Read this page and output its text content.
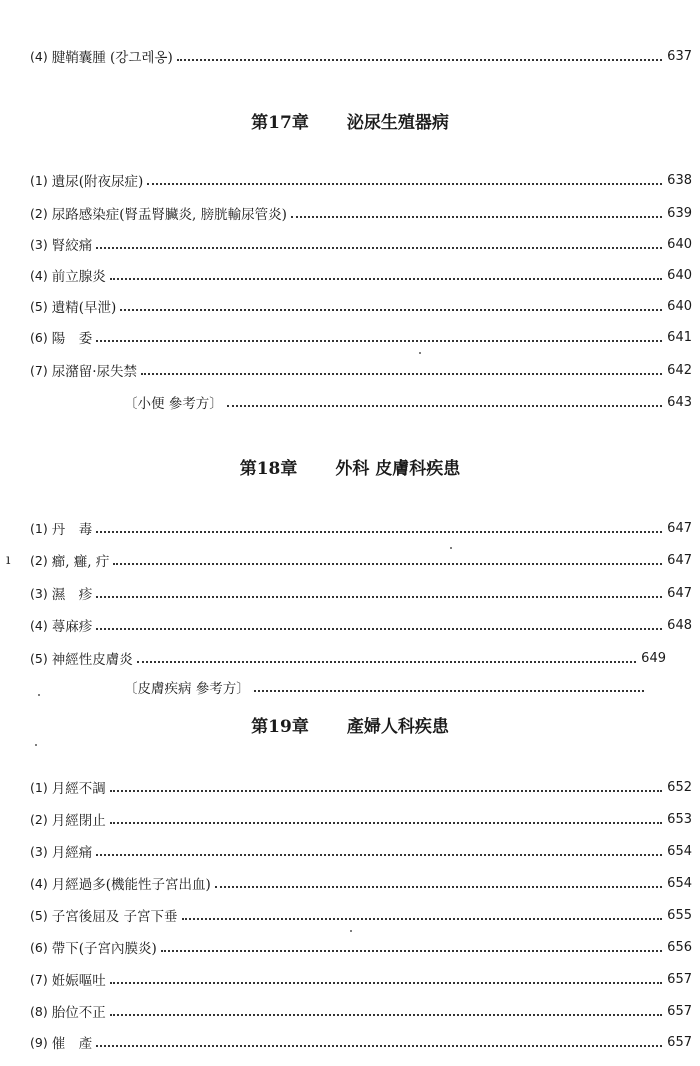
(4) 腱鞘囊腫 (강그레옹)	637
第17章 泌尿生殖器病
(1) 遺尿(附夜尿症)	638
(2) 尿路感染症(腎盂腎臟炎, 膀胱輸尿管炎)	639
(3) 腎絞痛	640
(4) 前立腺炎	640
(5) 遺精(早泄)	640
(6) 陽　委	641
(7) 尿潴留·尿失禁	642
〔小便 參考方〕	643
第18章 外科 皮膚科疾患
(1) 丹　毒	647
(2) 癤, 癰, 疔	647
(3) 濕　疹	647
(4) 蕁麻疹	648
(5) 神經性皮膚炎	649
〔皮膚疾病 參考方〕
第19章 產婦人科疾患
(1) 月經不調	652
(2) 月經閉止	653
(3) 月經痛	654
(4) 月經過多(機能性子宮出血)	654
(5) 子宮後屈及 子宮下垂	655
(6) 帶下(子宮內膜炎)	656
(7) 姙娠嘔吐	657
(8) 胎位不正	657
(9) 催　產	657
ı
